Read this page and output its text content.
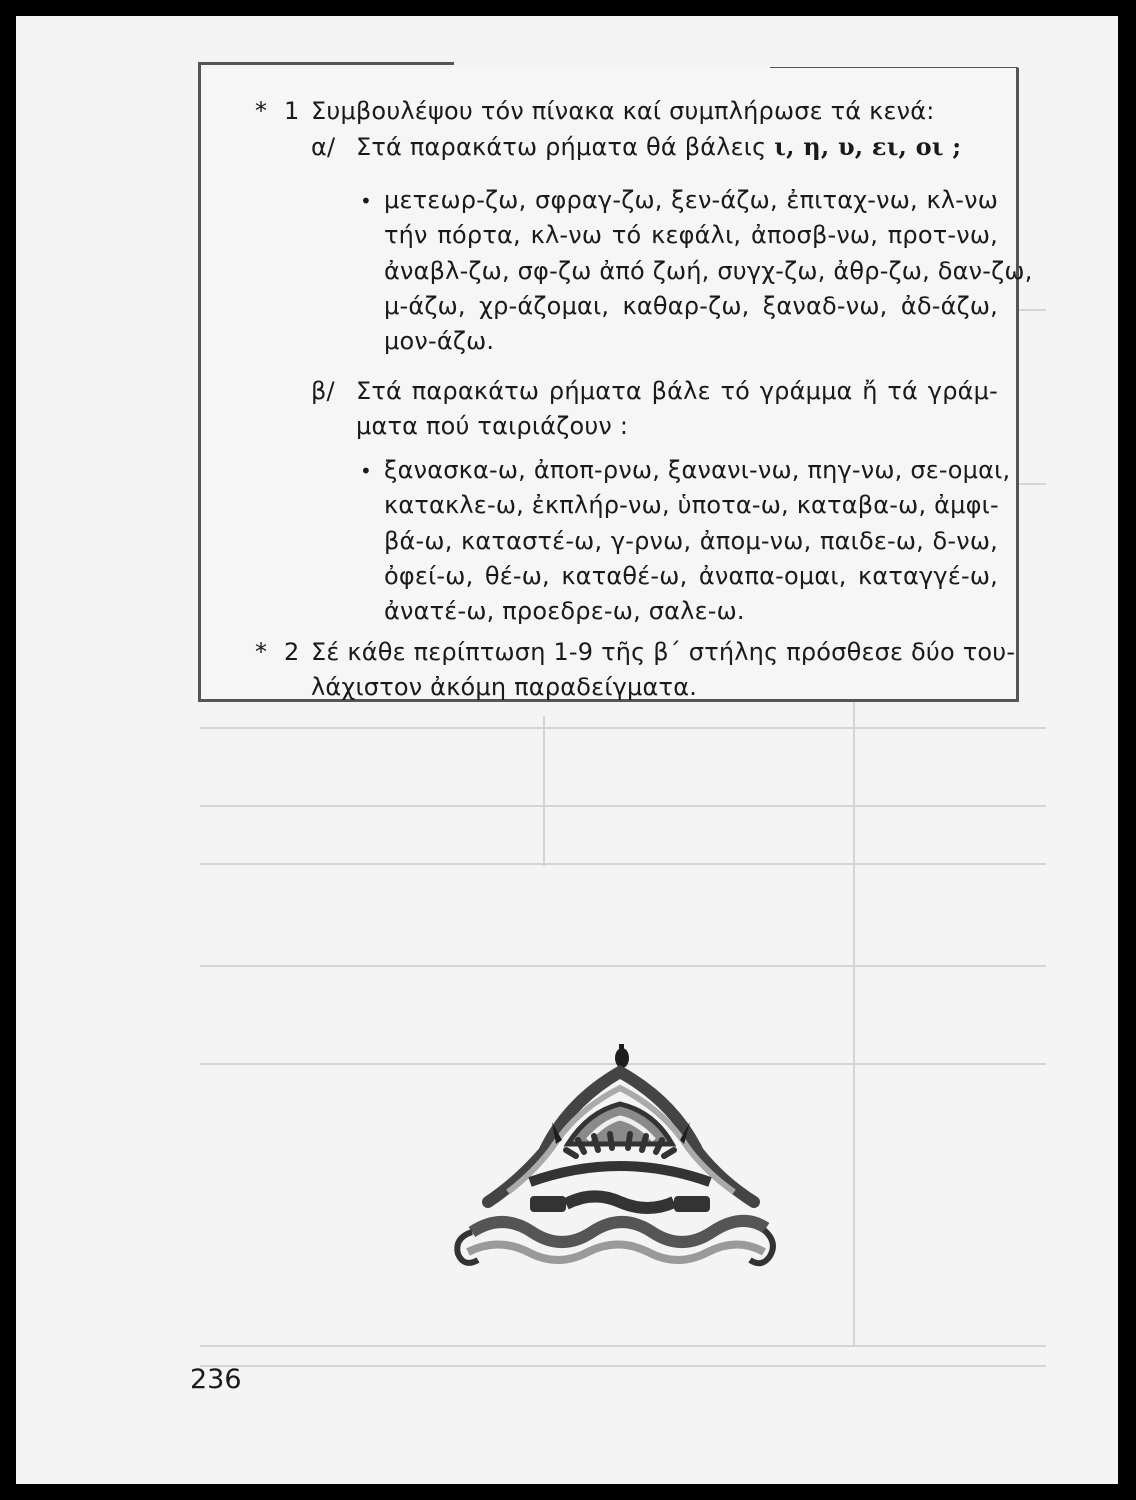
* 1 Συμβουλέψου τόν πίνακα καί συμπλήρωσε τά κενά:
α/ Στά παρακάτω ρήματα θά βάλεις ι, η, υ, ει, οι ;
• μετεωρ-ζω, σφραγ-ζω, ξεν-άζω, ἐπιταχ-νω, κλ-νω
τήν πόρτα, κλ-νω τό κεφάλι, ἀποσβ-νω, προτ-νω,
ἀναβλ-ζω, σφ-ζω ἀπό ζωή, συγχ-ζω, ἀθρ-ζω, δαν-ζω,
μ-άζω, χρ-άζομαι, καθαρ-ζω, ξαναδ-νω, ἀδ-άζω,
μον-άζω.
β/ Στά παρακάτω ρήματα βάλε τό γράμμα ἤ τά γράμ-
ματα πού ταιριάζουν :
• ξανασκα-ω, ἀποπ-ρνω, ξανανι-νω, πηγ-νω, σε-ομαι,
κατακλε-ω, ἐκπλήρ-νω, ὑποτα-ω, καταβα-ω, ἀμφι-
βά-ω, καταστέ-ω, γ-ρνω, ἀπομ-νω, παιδε-ω, δ-νω,
ὀφεί-ω, θέ-ω, καταθέ-ω, ἀναπα-ομαι, καταγγέ-ω,
ἀνατέ-ω, προεδρε-ω, σαλε-ω.
* 2 Σέ κάθε περίπτωση 1-9 τῆς β΄ στήλης πρόσθεσε δύο του-
λάχιστον ἀκόμη παραδείγματα.
236
